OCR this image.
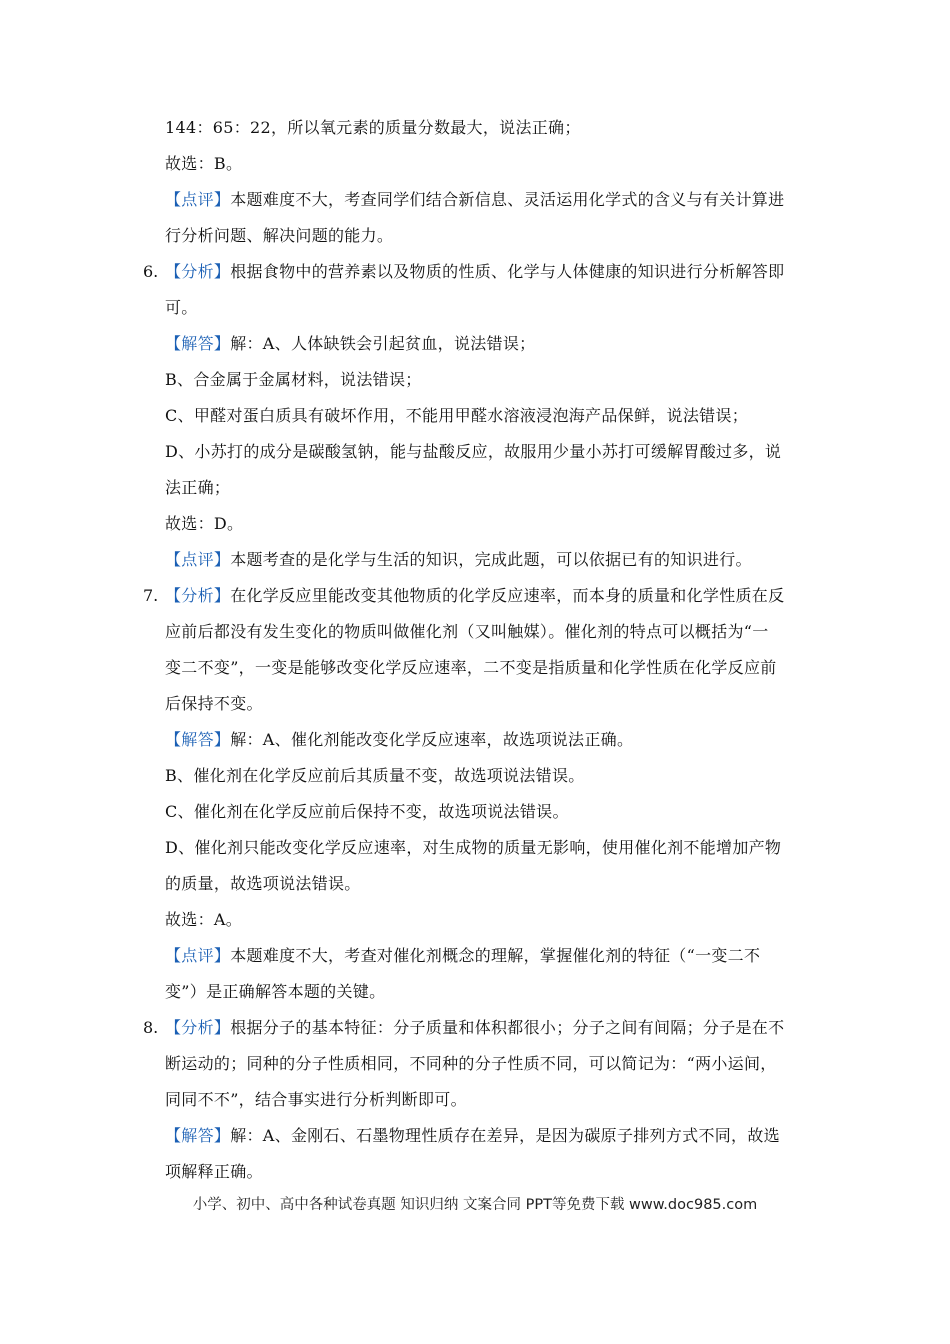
144：65：22，所以氧元素的质量分数最大，说法正确；
故选：B。
【点评】本题难度不大，考查同学们结合新信息、灵活运用化学式的含义与有关计算进
行分析问题、解决问题的能力。
6. 【分析】根据食物中的营养素以及物质的性质、化学与人体健康的知识进行分析解答即
可。
【解答】解：A、人体缺铁会引起贫血，说法错误；
B、合金属于金属材料，说法错误；
C、甲醛对蛋白质具有破坏作用，不能用甲醛水溶液浸泡海产品保鲜，说法错误；
D、小苏打的成分是碳酸氢钠，能与盐酸反应，故服用少量小苏打可缓解胃酸过多，说
法正确；
故选：D。
【点评】本题考查的是化学与生活的知识，完成此题，可以依据已有的知识进行。
7. 【分析】在化学反应里能改变其他物质的化学反应速率，而本身的质量和化学性质在反
应前后都没有发生变化的物质叫做催化剂（又叫触媒）。催化剂的特点可以概括为“一
变二不变”，一变是能够改变化学反应速率，二不变是指质量和化学性质在化学反应前
后保持不变。
【解答】解：A、催化剂能改变化学反应速率，故选项说法正确。
B、催化剂在化学反应前后其质量不变，故选项说法错误。
C、催化剂在化学反应前后保持不变，故选项说法错误。
D、催化剂只能改变化学反应速率，对生成物的质量无影响，使用催化剂不能增加产物
的质量，故选项说法错误。
故选：A。
【点评】本题难度不大，考查对催化剂概念的理解，掌握催化剂的特征（“一变二不
变”）是正确解答本题的关键。
8. 【分析】根据分子的基本特征：分子质量和体积都很小；分子之间有间隔；分子是在不
断运动的；同种的分子性质相同，不同种的分子性质不同，可以简记为：“两小运间，
同同不不”，结合事实进行分析判断即可。
【解答】解：A、金刚石、石墨物理性质存在差异，是因为碳原子排列方式不同，故选
项解释正确。
小学、初中、高中各种试卷真题 知识归纳 文案合同 PPT等免费下载 www.doc985.com
